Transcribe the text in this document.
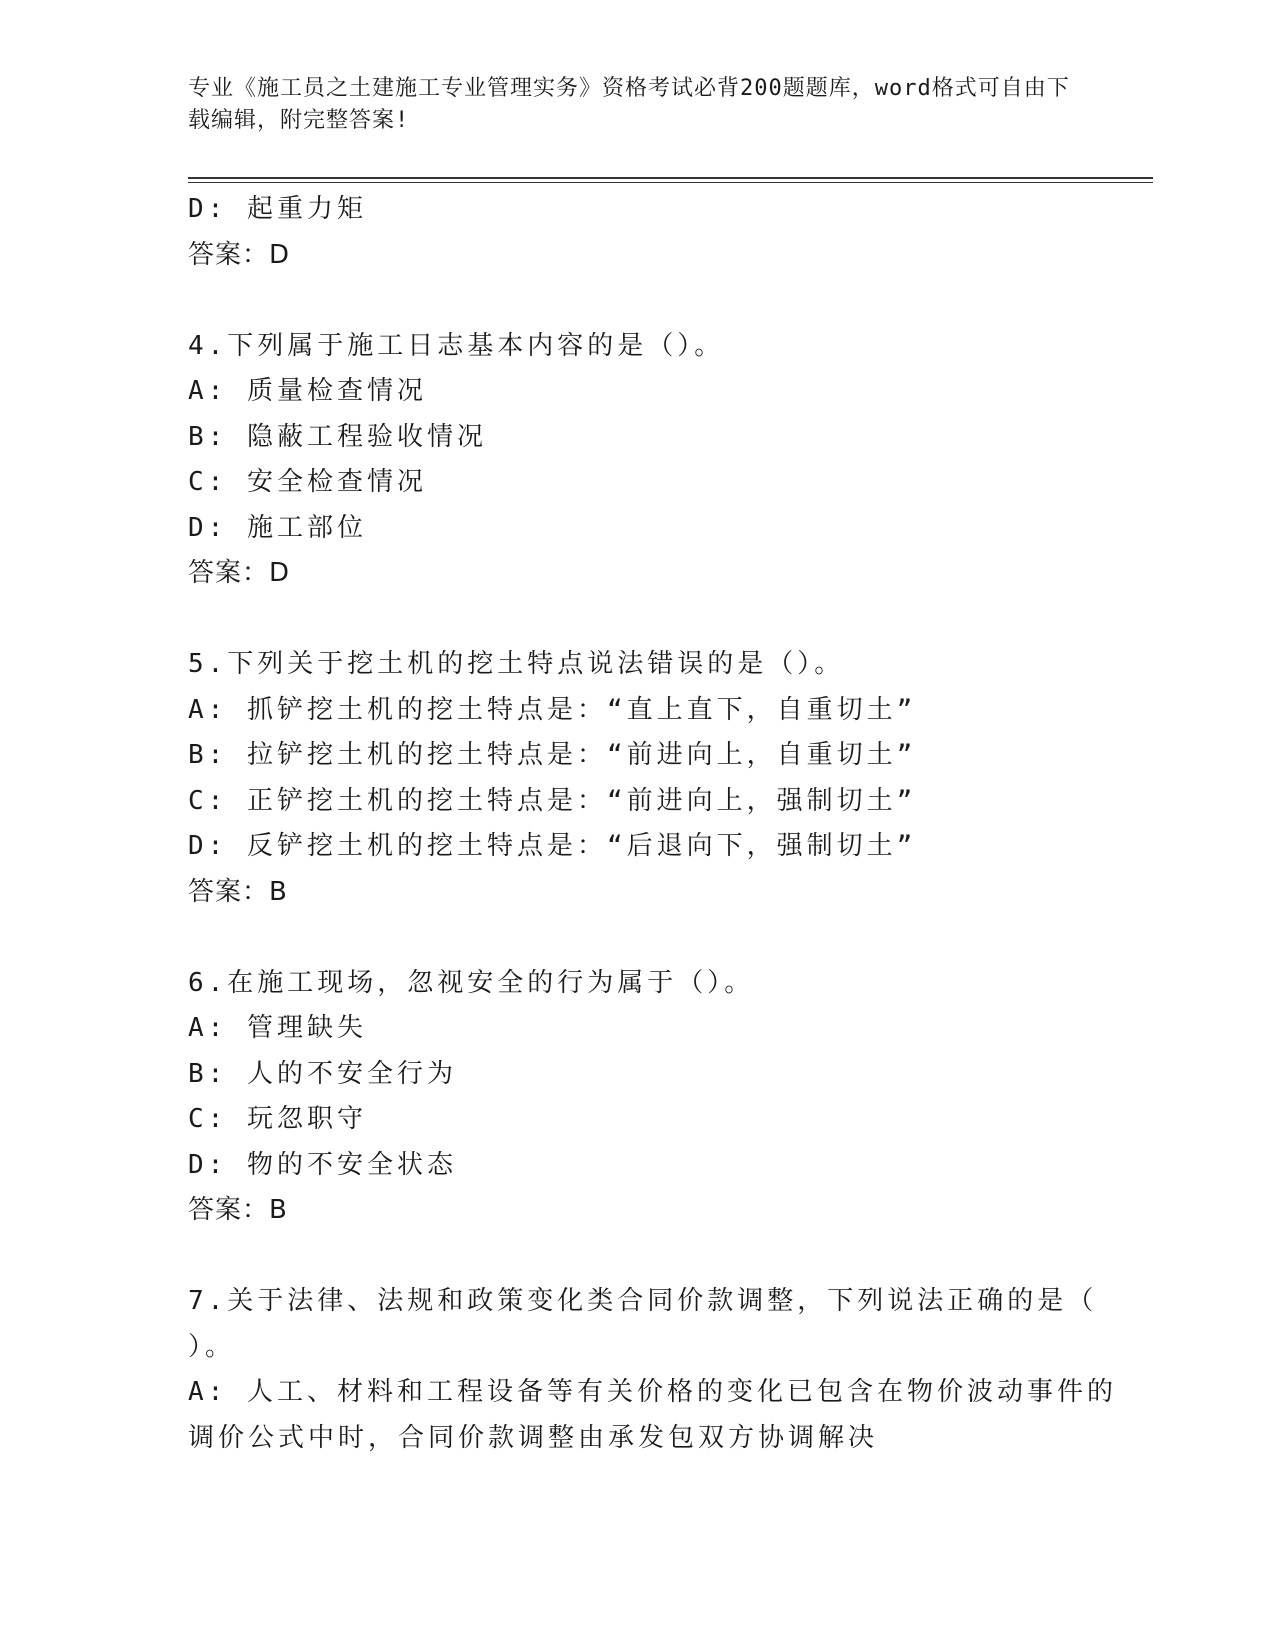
专业《施工员之土建施工专业管理实务》资格考试必背200题题库，word格式可自由下载编辑，附完整答案!
D: 起重力矩
答案：D
4.下列属于施工日志基本内容的是（）。
A: 质量检查情况
B: 隐蔽工程验收情况
C: 安全检查情况
D: 施工部位
答案：D
5.下列关于挖土机的挖土特点说法错误的是（）。
A: 抓铲挖土机的挖土特点是：“直上直下，自重切土”
B: 拉铲挖土机的挖土特点是：“前进向上，自重切土”
C: 正铲挖土机的挖土特点是：“前进向上，强制切土”
D: 反铲挖土机的挖土特点是：“后退向下，强制切土”
答案：B
6.在施工现场，忽视安全的行为属于（）。
A: 管理缺失
B: 人的不安全行为
C: 玩忽职守
D: 物的不安全状态
答案：B
7.关于法律、法规和政策变化类合同价款调整，下列说法正确的是（
）。
A: 人工、材料和工程设备等有关价格的变化已包含在物价波动事件的
调价公式中时，合同价款调整由承发包双方协调解决
